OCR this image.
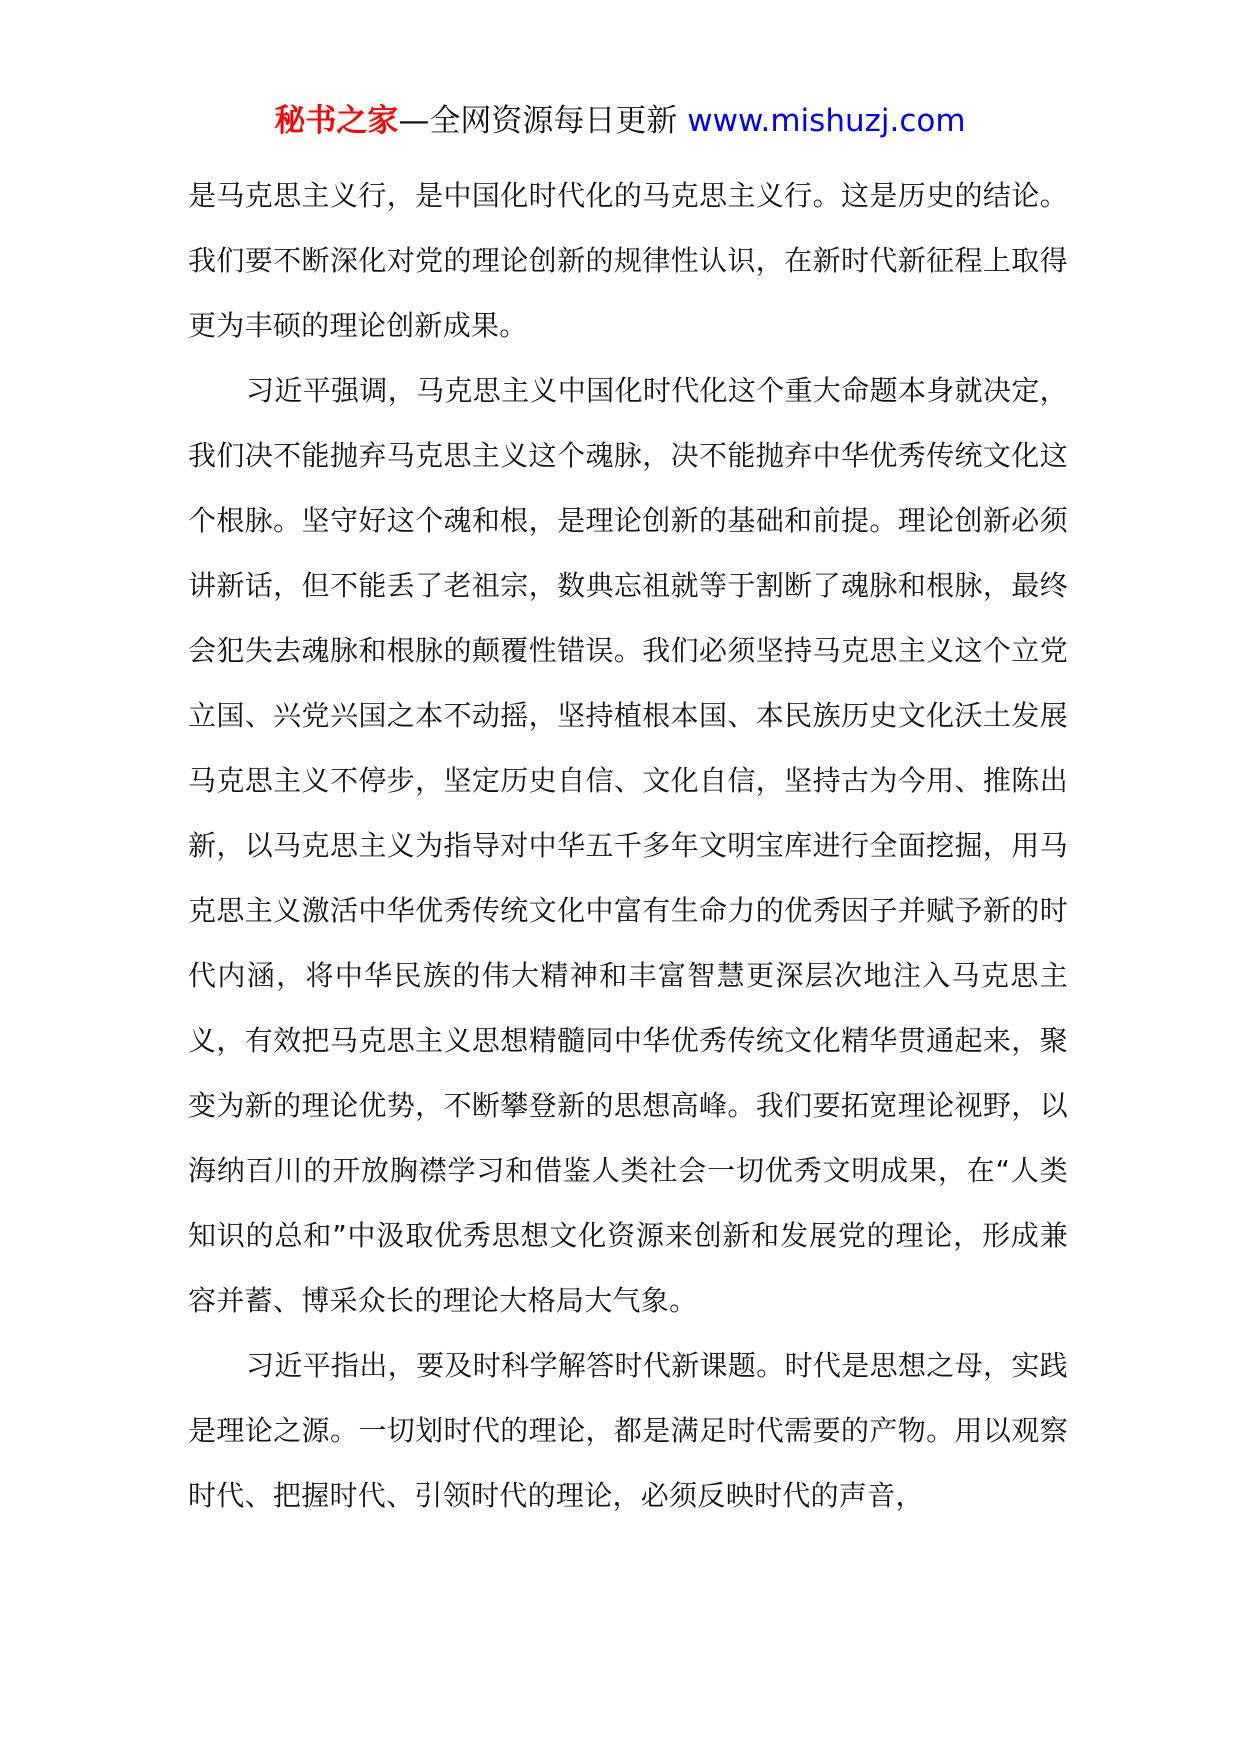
秘书之家—全网资源每日更新 www.mishuzj.com

是马克思主义行，是中国化时代化的马克思主义行。这是历史的结论。我们要不断深化对党的理论创新的规律性认识，在新时代新征程上取得更为丰硕的理论创新成果。

习近平强调，马克思主义中国化时代化这个重大命题本身就决定，我们决不能抛弃马克思主义这个魂脉，决不能抛弃中华优秀传统文化这个根脉。坚守好这个魂和根，是理论创新的基础和前提。理论创新必须讲新话，但不能丢了老祖宗，数典忘祖就等于割断了魂脉和根脉，最终会犯失去魂脉和根脉的颠覆性错误。我们必须坚持马克思主义这个立党立国、兴党兴国之本不动摇，坚持植根本国、本民族历史文化沃土发展马克思主义不停步，坚定历史自信、文化自信，坚持古为今用、推陈出新，以马克思主义为指导对中华五千多年文明宝库进行全面挖掘，用马克思主义激活中华优秀传统文化中富有生命力的优秀因子并赋予新的时代内涵，将中华民族的伟大精神和丰富智慧更深层次地注入马克思主义，有效把马克思主义思想精髓同中华优秀传统文化精华贯通起来，聚变为新的理论优势，不断攀登新的思想高峰。我们要拓宽理论视野，以海纳百川的开放胸襟学习和借鉴人类社会一切优秀文明成果，在“人类知识的总和”中汲取优秀思想文化资源来创新和发展党的理论，形成兼容并蓄、博采众长的理论大格局大气象。

习近平指出，要及时科学解答时代新课题。时代是思想之母，实践是理论之源。一切划时代的理论，都是满足时代需要的产物。用以观察时代、把握时代、引领时代的理论，必须反映时代的声音，
